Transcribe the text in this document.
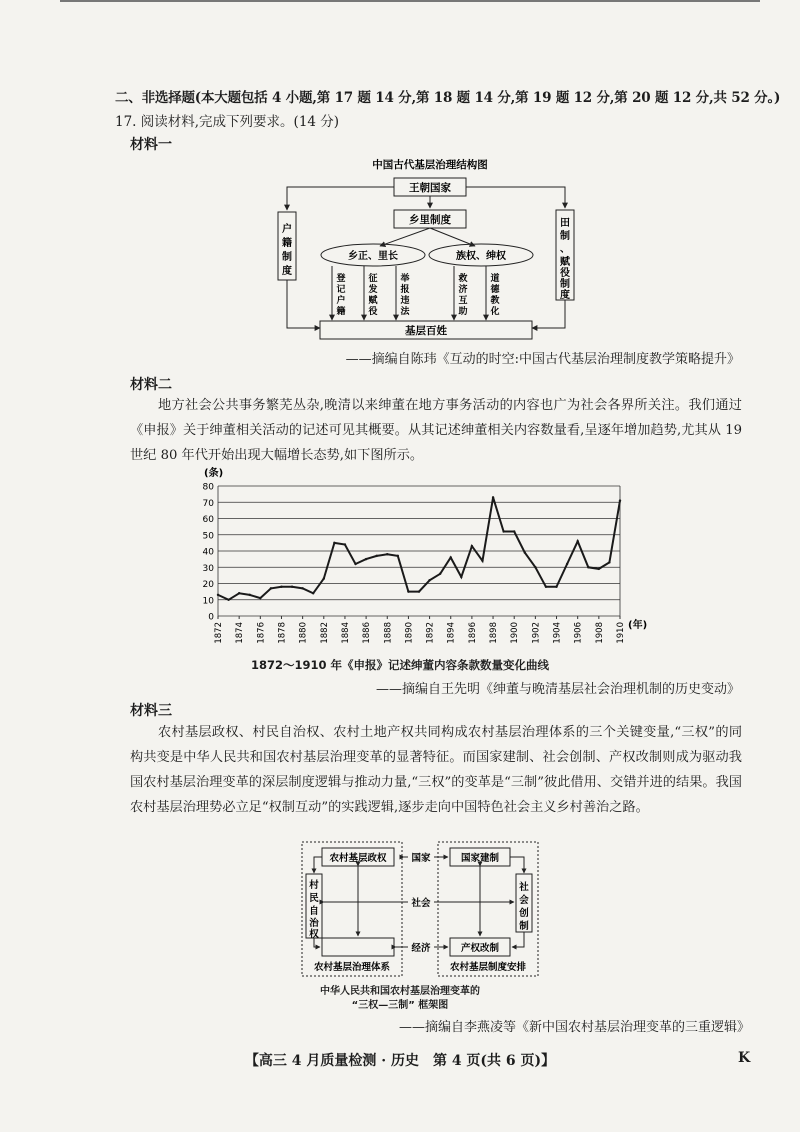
二、非选择题(本大题包括 4 小题,第 17 题 14 分,第 18 题 14 分,第 19 题 12 分,第 20 题 12 分,共 52 分。)
17. 阅读材料,完成下列要求。(14 分)
材料一
中国古代基层治理结构图
王朝国家
乡里制度
户
籍
制
度
田
制
、
赋
役
制
度
乡正、里长	族权、绅权
登
记
户
籍
征
发
赋
役
举
报
违
法
救
济
互
助
道
德
教
化
基层百姓
——摘编自陈玮《互动的时空:中国古代基层治理制度教学策略提升》
材料二
地方社会公共事务繁芜丛杂,晚清以来绅董在地方事务活动的内容也广为社会各界所关注。我们通过《申报》关于绅董相关活动的记述可见其概要。从其记述绅董相关内容数量看,呈逐年增加趋势,尤其从 19 世纪 80 年代开始出现大幅增长态势,如下图所示。
0
10
20
30
40
50
60
70
80
1872 1874 1876 1878 1880 1882 1884 1886 1888 1890 1892 1894 1896 1898 1900 1902 1904 1906 1908 1910
(条)
(年)
1872～1910 年《申报》记述绅董内容条款数量变化曲线
——摘编自王先明《绅董与晚清基层社会治理机制的历史变动》
材料三
农村基层政权、村民自治权、农村土地产权共同构成农村基层治理体系的三个关键变量,“三权”的同构共变是中华人民共和国农村基层治理变革的显著特征。而国家建制、社会创制、产权改制则成为驱动我国农村基层治理变革的深层制度逻辑与推动力量,“三权”的变革是“三制”彼此借用、交错并进的结果。我国农村基层治理势必立足“权制互动”的实践逻辑,逐步走向中国特色社会主义乡村善治之路。
农村基层政权
村
民
自
治
权
农村基层治理体系
国家建制
社
会
创
制
产权改制
农村基层制度安排
国家
社会
经济
中华人民共和国农村基层治理变革的
“三权—三制” 框架图
——摘编自李燕凌等《新中国农村基层治理变革的三重逻辑》
【高三 4 月质量检测 · 历史　第 4 页(共 6 页)】	K
